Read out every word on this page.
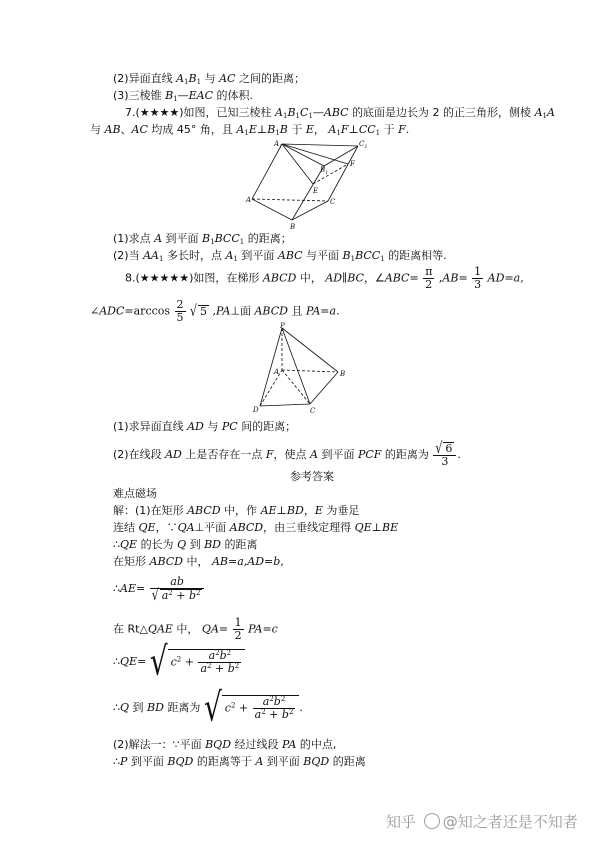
(2)异面直线 $A_1B_1$ 与 AC 之间的距离；
(3)三棱锥 $B_1—EAC$ 的体积.
7.(★★★★)如图，已知三棱柱 $A_1B_1C_1—ABC$ 的底面是边长为 2 的正三角形，侧棱 $A_1A$
与 AB、AC 均成 45° 角，且 $A_1E\perp B_1B$ 于 E， $A_1F\perp CC_1$ 于 F.
$A_1$	$C_1$
$B_1$
E
F
A
B
C
(1)求点 A 到平面 $B_1BCC_1$ 的距离；
(2)当 $AA_1$ 多长时，点 $A_1$ 到平面 ABC 与平面 $B_1BCC_1$ 的距离相等.
8.(★★★★★)如图，在梯形 ABCD 中， AD∥BC，∠ABC= $\frac{\pi}{2} ,AB= \frac{1}{3} AD=a$,
∠ADC=arccos $\frac{2}{5}$ √ 5 ,PA⊥面 ABCD 且 PA=a.
P
A	B
C
D
(1)求异面直线 AD 与 PC 间的距离；
(2)在线段 AD 上是否存在一点 F，使点 A 到平面 PCF 的距离为 $\frac{√ 6}{3}$ .
参考答案
难点磁场
解：(1)在矩形 ABCD 中，作 AE⊥BD，E 为垂足
连结 QE，∵QA⊥平面 ABCD，由三垂线定理得 QE⊥BE
∴QE 的长为 Q 到 BD 的距离
在矩形 ABCD 中， AB=a,AD=b,
∴AE= $\frac{ab}{√ a^2 + b^2}$
在 Rt△QAE 中， $QA= \frac{1}{2} PA=c$
∴QE= √ $c^2 + \frac{a^2b^2}{a^2 + b^2}$
∴Q 到 BD 距离为 √ $c^2 + \frac{a^2b^2}{a^2 + b^2}$ .
(2)解法一：∵平面 BQD 经过线段 PA 的中点,
∴P 到平面 BQD 的距离等于 A 到平面 BQD 的距离
知乎 @知之者还是不知者
